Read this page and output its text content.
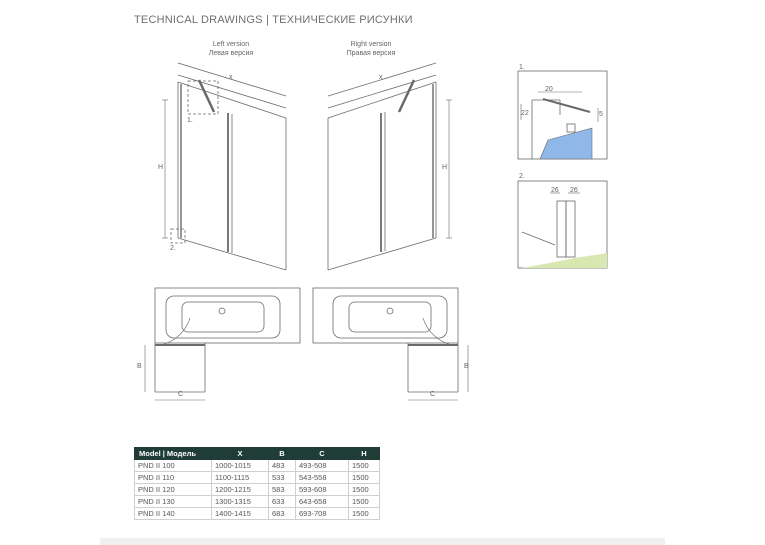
TECHNICAL DRAWINGS | ТЕХНИЧЕСКИЕ РИСУНКИ
Left version
Левая версия
Right version
Правая версия
x	x
H	H
1.
2.
1.
20
22	5
2.
26 26
B
C
B
C
Model | Модель	X	B	C	H
PND II 100	1000-1015	483	493-508	1500
PND II 110	1100-1115	533	543-558	1500
PND II 120	1200-1215	583	593-608	1500
PND II 130	1300-1315	633	643-658	1500
PND II 140	1400-1415	683	693-708	1500
